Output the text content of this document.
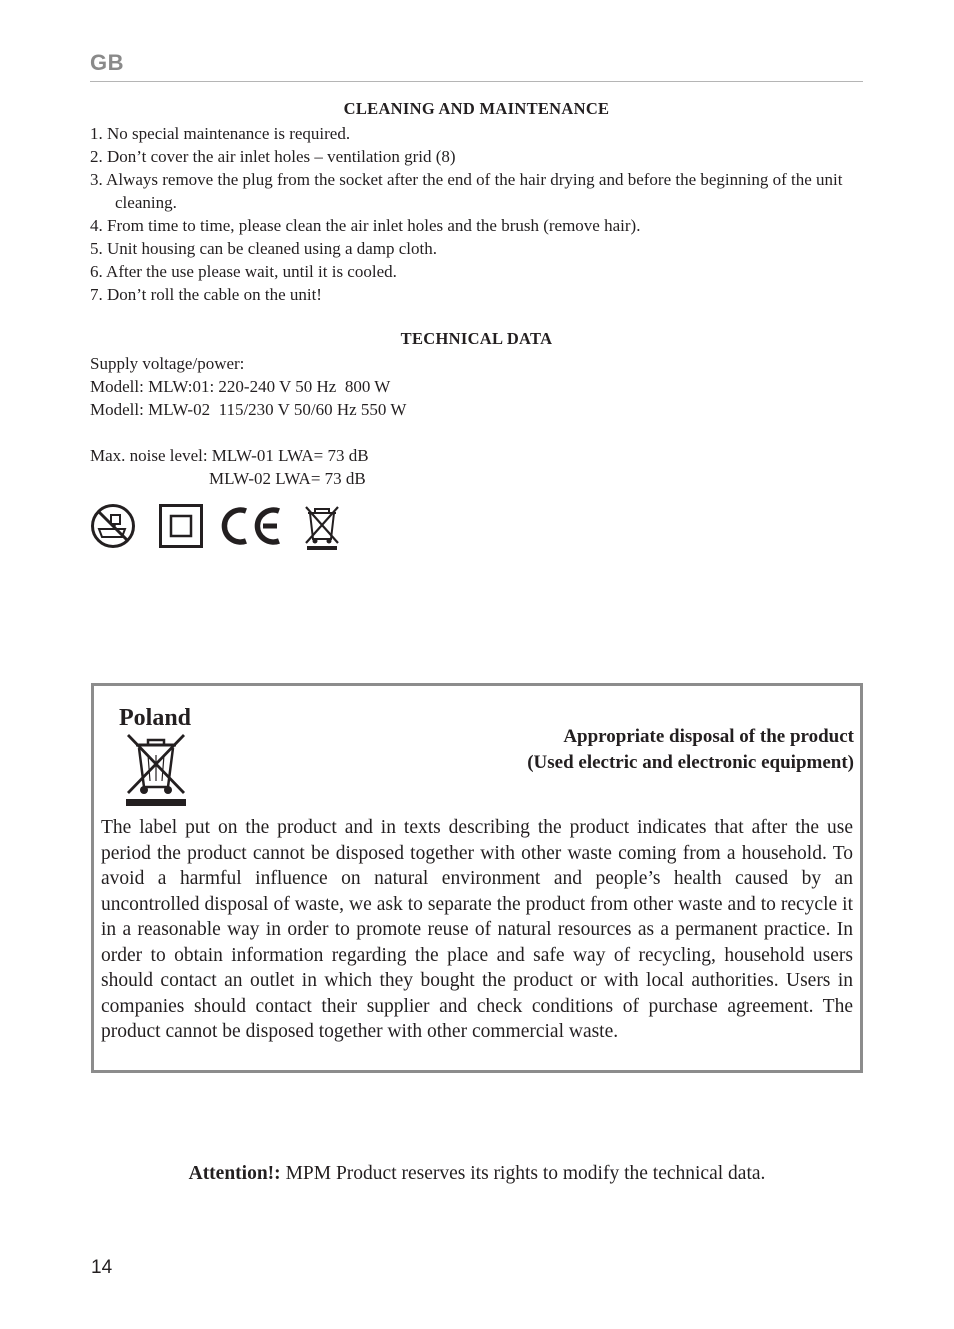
GB
CLEANING AND MAINTENANCE
1. No special maintenance is required.
2. Don’t cover the air inlet holes – ventilation grid (8)
3. Always remove the plug from the socket after the end of the hair drying and before the beginning of the unit cleaning.
4. From time to time, please clean the air inlet holes and the brush (remove hair).
5. Unit housing can be cleaned using a damp cloth.
6. After the use please wait, until it is cooled.
7. Don’t roll the cable on the unit!
TECHNICAL DATA
Supply voltage/power:
Modell: MLW:01: 220-240 V 50 Hz  800 W
Modell: MLW-02  115/230 V 50/60 Hz 550 W
Max. noise level: MLW-01 LWA= 73 dB
MLW-02 LWA= 73 dB
Poland
Appropriate disposal of the product
(Used electric and electronic equipment)
The label put on the product and in texts describing the product indicates that after the use period the product cannot be disposed together with other waste coming from a household. To avoid a harmful influence on natural environment and people’s health caused by an uncontrolled disposal of waste, we ask to separate the product from other waste and to recycle it in a reasonable way in order to promote reuse of natural resources as a permanent practice. In order to obtain information regarding the place and safe way of recycling, household users should contact an outlet in which they bought the product or with local authorities. Users in companies should contact their supplier and check conditions of purchase agreement. The product cannot be disposed together with other commercial waste.
Attention!: MPM Product reserves its rights to modify the technical data.
14
